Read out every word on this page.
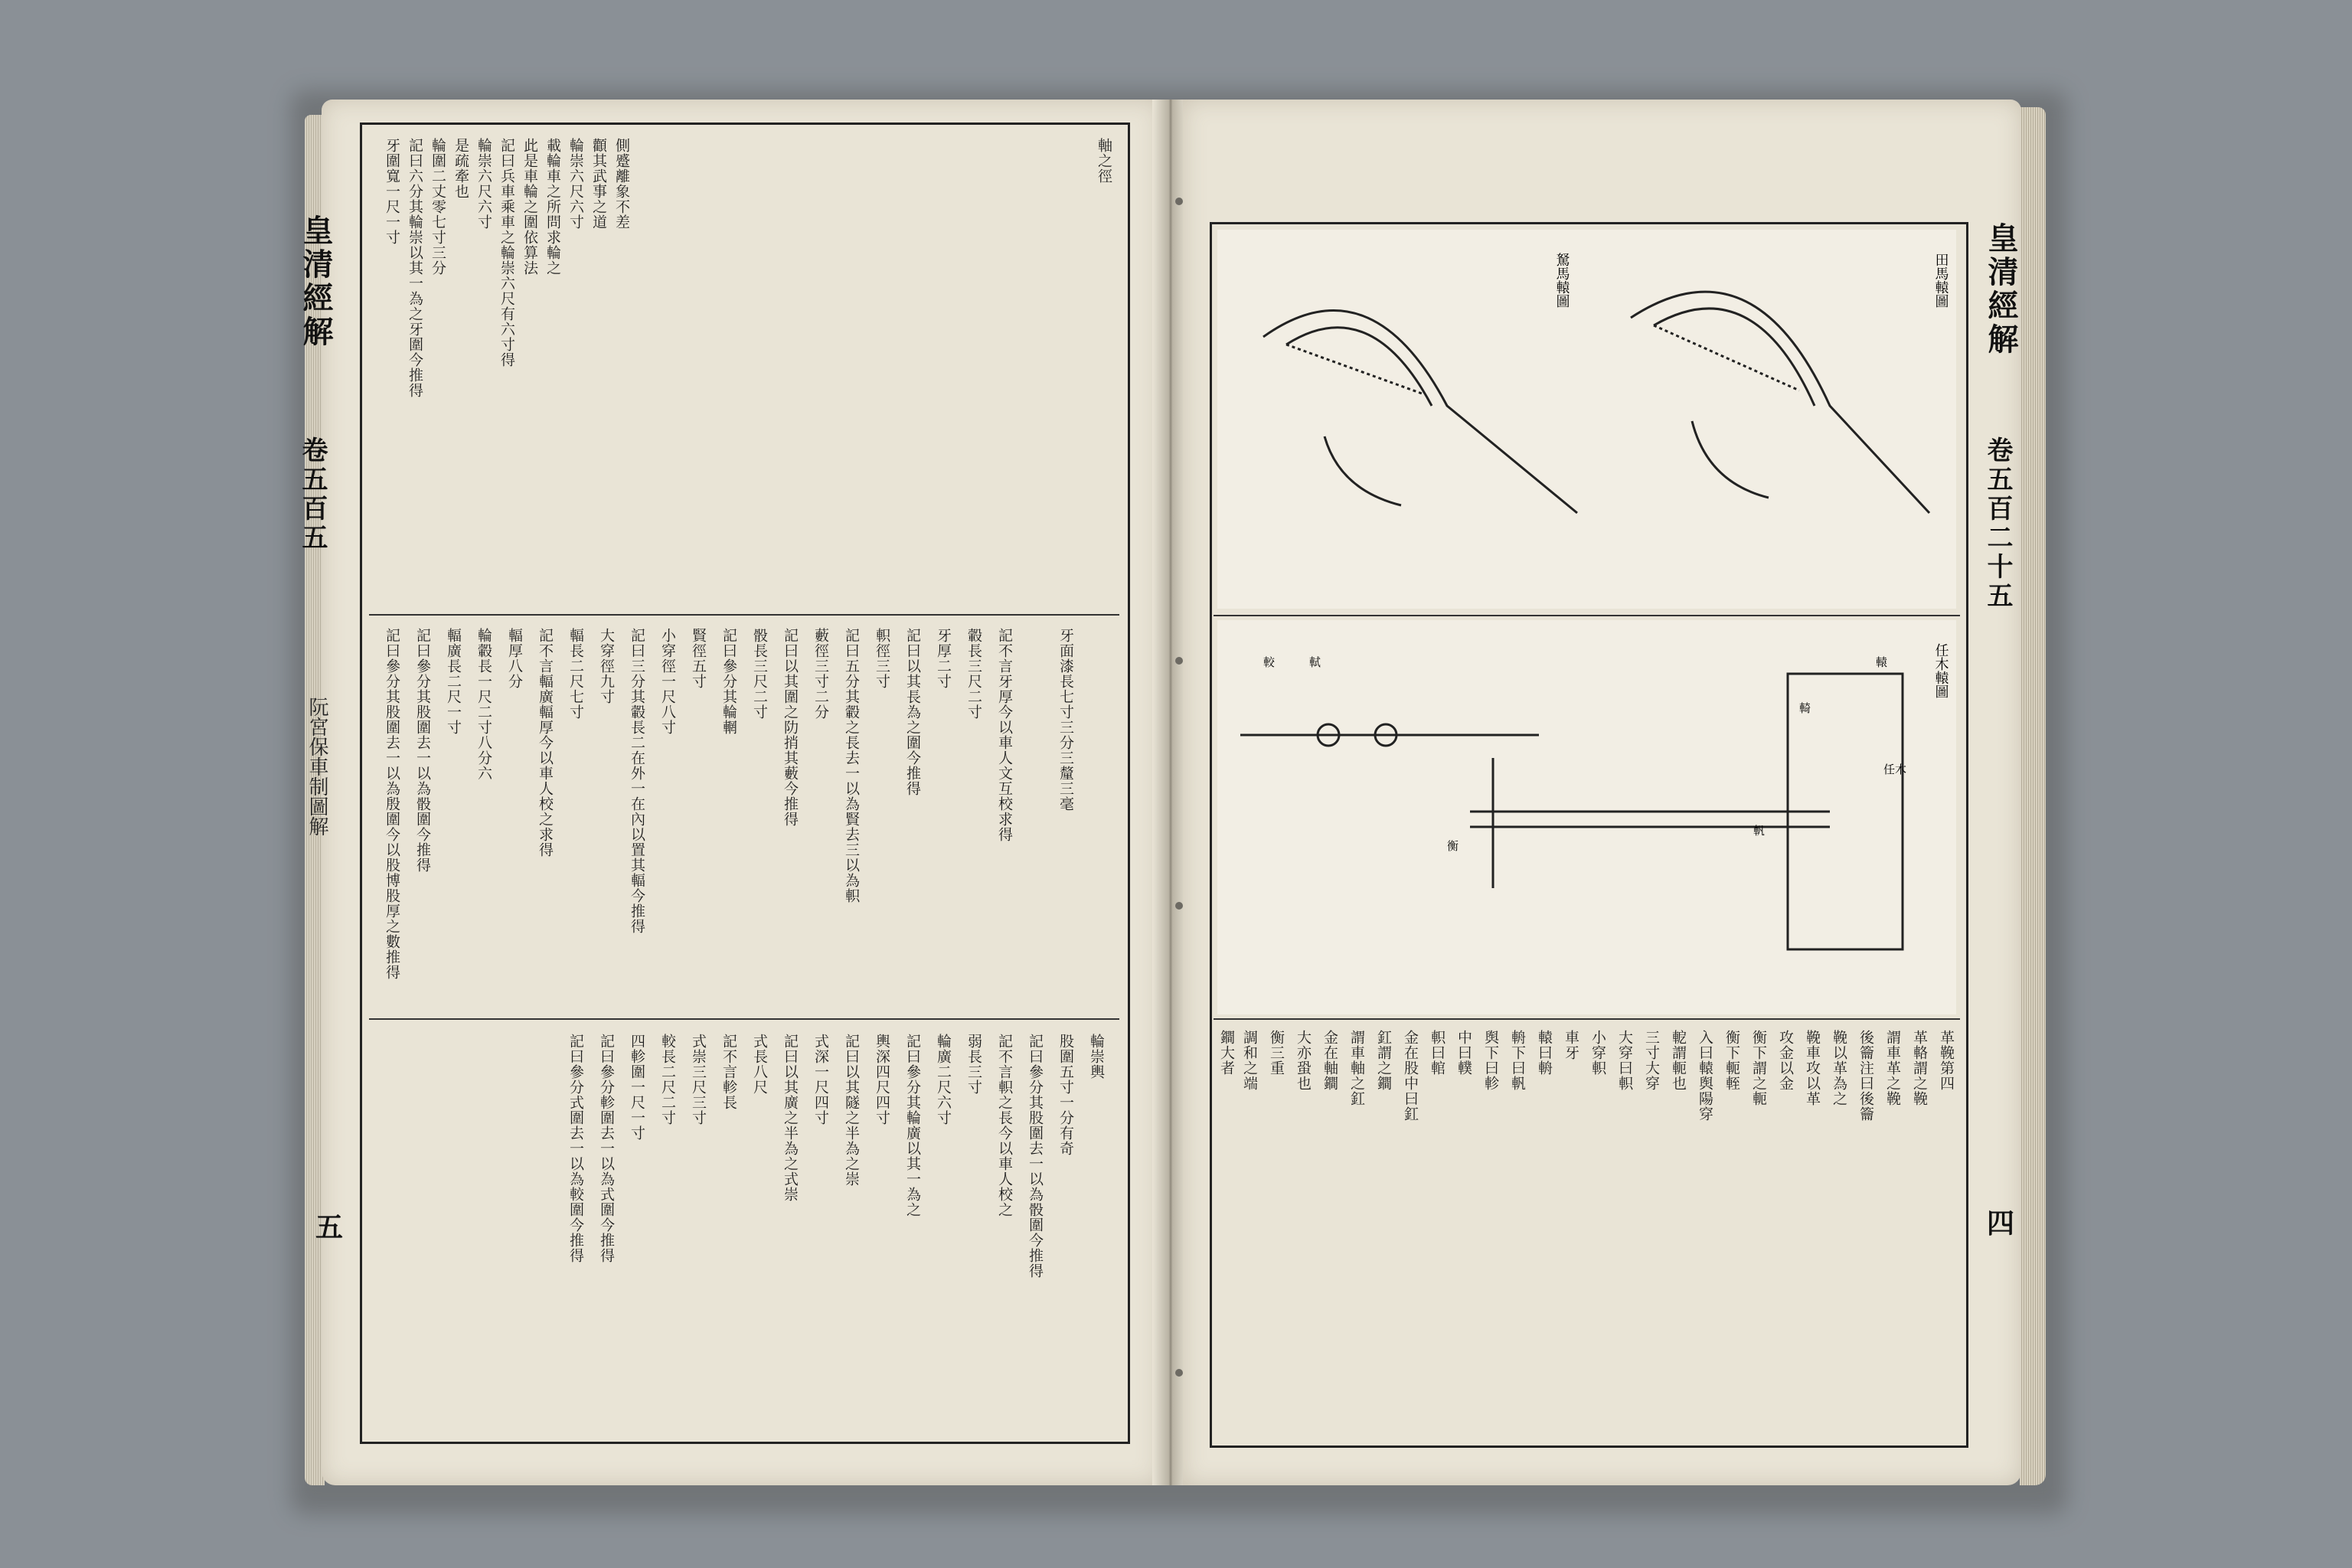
皇清經解
卷五百五
阮宮保車制圖解
五
軸之徑
牙圍寬一尺一寸 記曰六分其輪崇以其一為之牙圍今推得	輪崇六尺六寸 記曰兵車乘車之輪崇六尺有六寸得
輪圍二丈零七寸三分 是疏牽也	此是車輪之圍依算法 載輪車之所問求輪之 輪崇六尺六寸 顴其武事之道 側蹙離象不差
記曰參分其股圍去一以為殷圍今以股博股厚之數推得 記曰參分其股圍去一以為骰圍今推得 輻廣長二尺一寸 輪轂長一尺二寸八分六 輻厚八分 記不言輻廣輻厚今以車人校之求得 輻長二尺七寸 大穿徑九寸 記曰三分其轂長二在外一在內以置其輻今推得 小穿徑一尺八寸 賢徑五寸 記曰參分其輪輞 骰長三尺二寸 記曰以其圍之阞捎其藪今推得 藪徑三寸二分 記曰五分其轂之長去一以為賢去三以為軹 軹徑三寸 記曰以其長為之圍今推得 牙厚二寸 轂長三尺二寸 記不言牙厚今以車人文互校求得	牙面漆長七寸三分三釐三毫
輪崇輿
股圍五寸一分有奇
記曰參分其股圍去一以為骰圍今推得
記不言軹之長今以車人校之
弱長三寸
輪廣二尺六寸
記曰參分其輪廣以其一為之
輿深四尺四寸
記曰以其隧之半為之崇
式深一尺四寸
記曰以其廣之半為之式崇
式長八尺
記不言軫長
式崇三尺三寸
較長二尺二寸
四軫圍一尺一寸
記曰參分軫圍去一以為式圍今推得
記曰參分式圍去一以為較圍今推得
皇清經解
卷五百二十五
四
田馬轅圖
駑馬轅圖
任木轅圖
轅
輢
軓
較	軾
任木
衡
革鞔第四
革輅謂之鞔
謂車革之鞔
後籥注曰後籥
鞔以革為之
鞔車攻以革
攻金以金
衡下謂之軛
衡下軛輊
入曰轅舆陽穿
軶謂軛也
三寸大穿
大穿曰軹
小穿軹
車牙
轅曰輈
輈下曰軓
舆下曰軫
中曰轐
軹曰輨
金在股中曰釭
釭謂之鐧
謂車軸之釭
金在軸鐧
大亦蛩也
衡三重
調和之端
鐧大者
